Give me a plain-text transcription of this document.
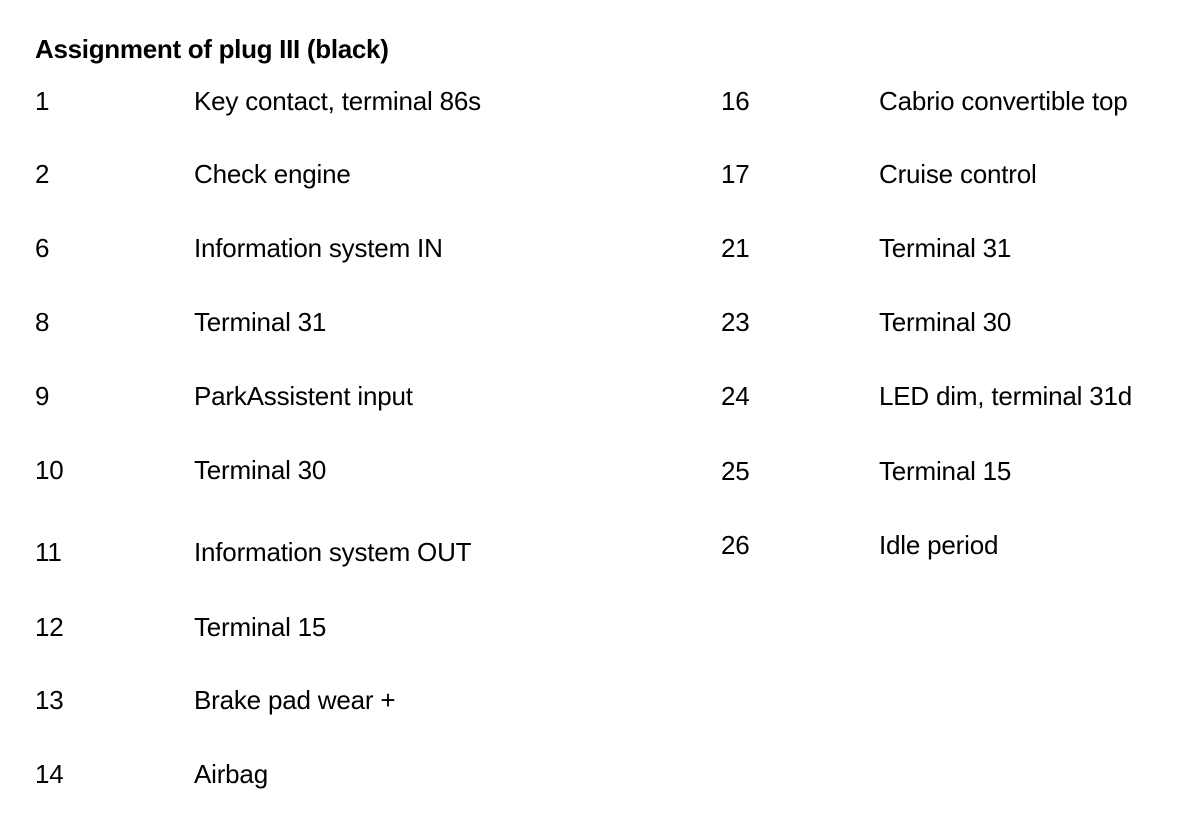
Assignment of plug III (black)
1	Key contact, terminal 86s
2	Check engine
6	Information system IN
8	Terminal 31
9	ParkAssistent input
10	Terminal 30
11	Information system OUT
12	Terminal 15
13	Brake pad wear +
14	Airbag
16	Cabrio convertible top
17	Cruise control
21	Terminal 31
23	Terminal 30
24	LED dim, terminal 31d
25	Terminal 15
26	Idle period
